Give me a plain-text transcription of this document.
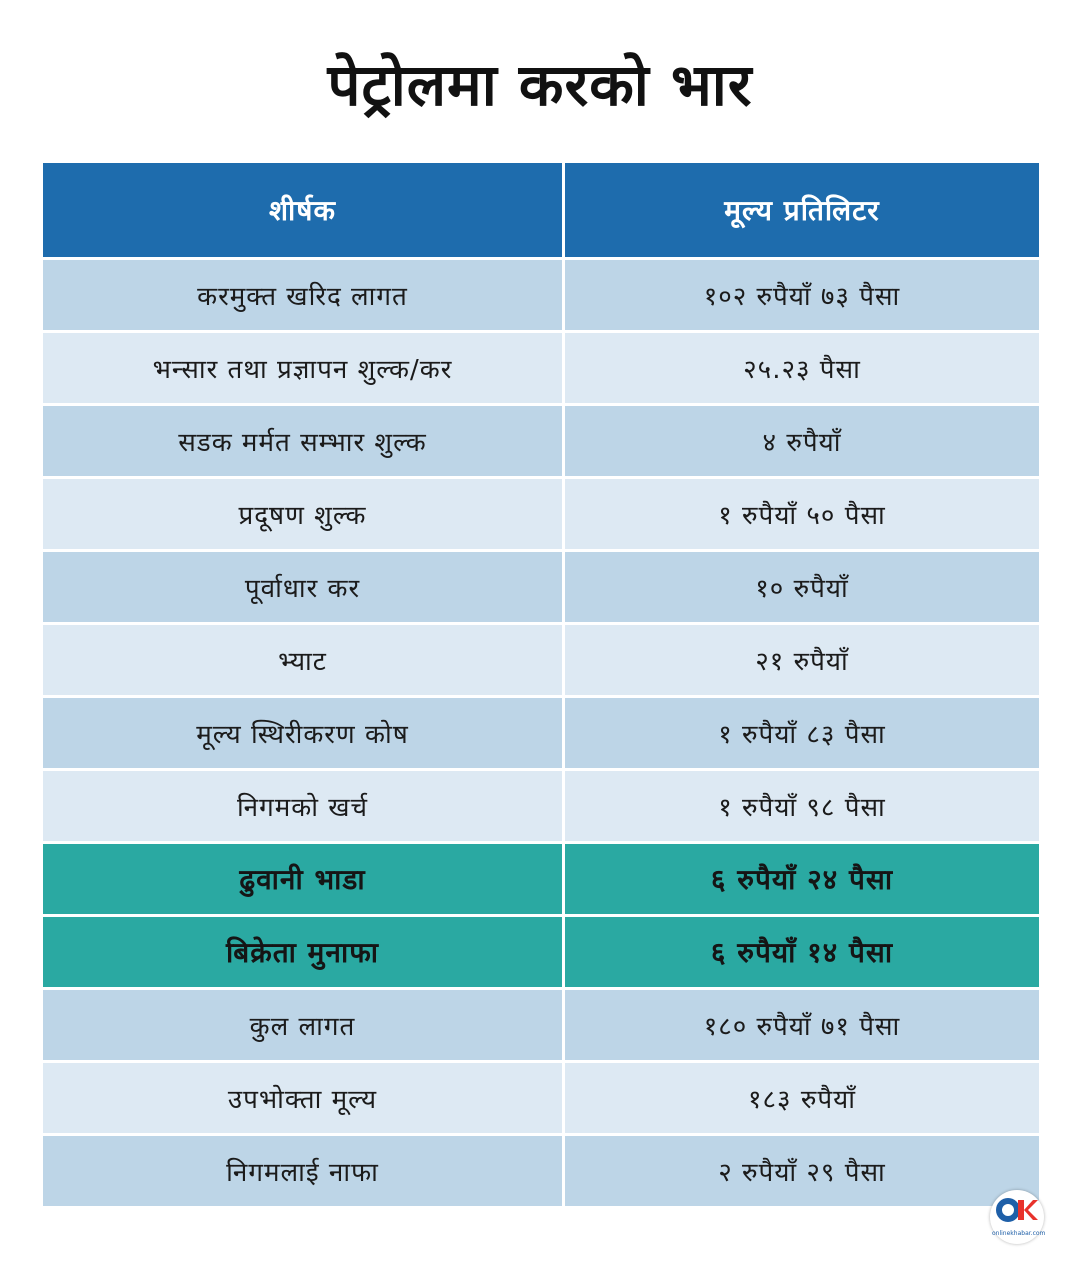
पेट्रोलमा करको भार
शीर्षक	मूल्य प्रतिलिटर
करमुक्त खरिद लागत	१०२ रुपैयाँ ७३ पैसा
भन्सार तथा प्रज्ञापन शुल्क/कर	२५.२३ पैसा
सडक मर्मत सम्भार शुल्क	४ रुपैयाँ
प्रदूषण शुल्क	१ रुपैयाँ ५० पैसा
पूर्वाधार कर	१० रुपैयाँ
भ्याट	२१ रुपैयाँ
मूल्य स्थिरीकरण कोष	१ रुपैयाँ ८३ पैसा
निगमको खर्च	१ रुपैयाँ ९८ पैसा
ढुवानी भाडा	६ रुपैयाँ २४ पैसा
बिक्रेता मुनाफा	६ रुपैयाँ १४ पैसा
कुल लागत	१८० रुपैयाँ ७१ पैसा
उपभोक्ता मूल्य	१८३ रुपैयाँ
निगमलाई नाफा	२ रुपैयाँ २९ पैसा
onlinekhabar.com
